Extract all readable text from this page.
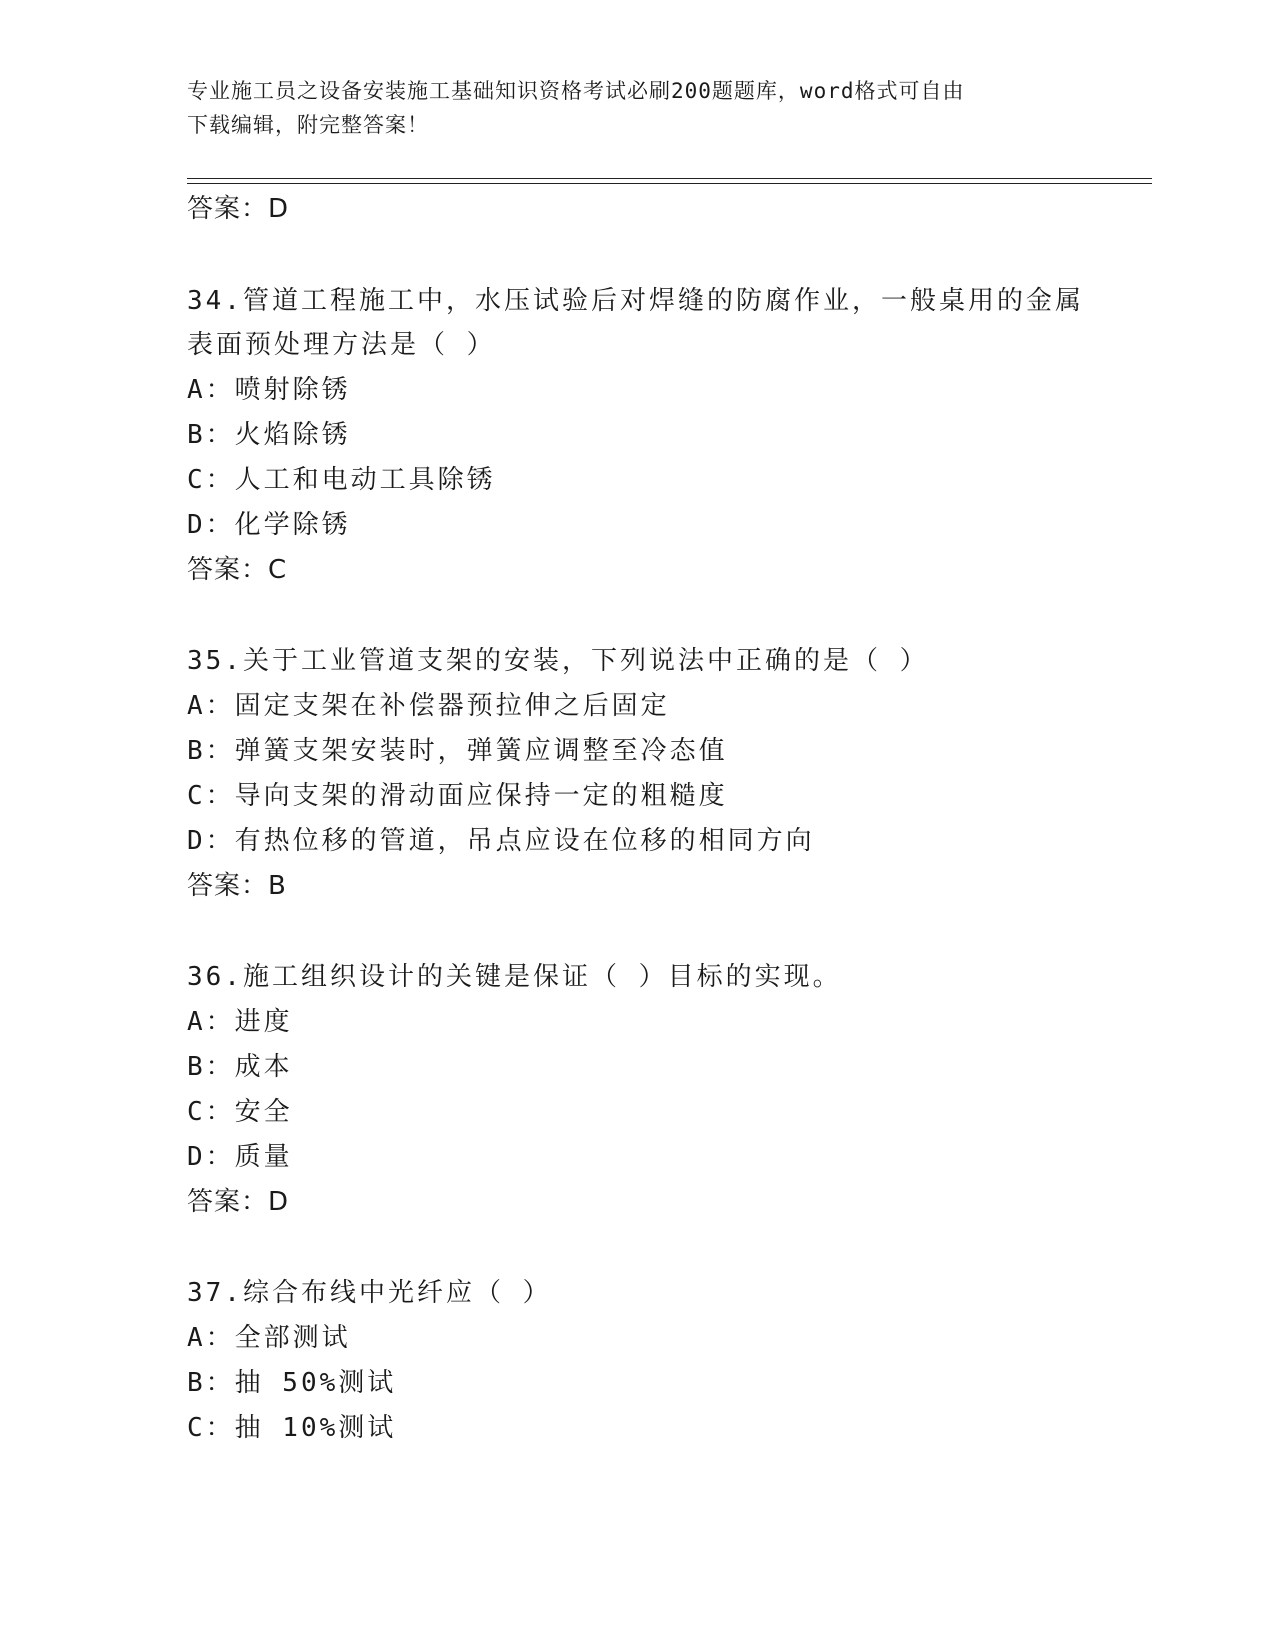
专业施工员之设备安装施工基础知识资格考试必刷200题题库，word格式可自由
下载编辑，附完整答案！
答案：D
34.管道工程施工中，水压试验后对焊缝的防腐作业，一般桌用的金属
表面预处理方法是（ ）
A：喷射除锈
B：火焰除锈
C：人工和电动工具除锈
D：化学除锈
答案：C
35.关于工业管道支架的安装，下列说法中正确的是（ ）
A：固定支架在补偿器预拉伸之后固定
B：弹簧支架安装时，弹簧应调整至冷态值
C：导向支架的滑动面应保持一定的粗糙度
D：有热位移的管道，吊点应设在位移的相同方向
答案：B
36.施工组织设计的关键是保证（ ）目标的实现。
A：进度
B：成本
C：安全
D：质量
答案：D
37.综合布线中光纤应（ ）
A：全部测试
B：抽 50%测试
C：抽 10%测试
